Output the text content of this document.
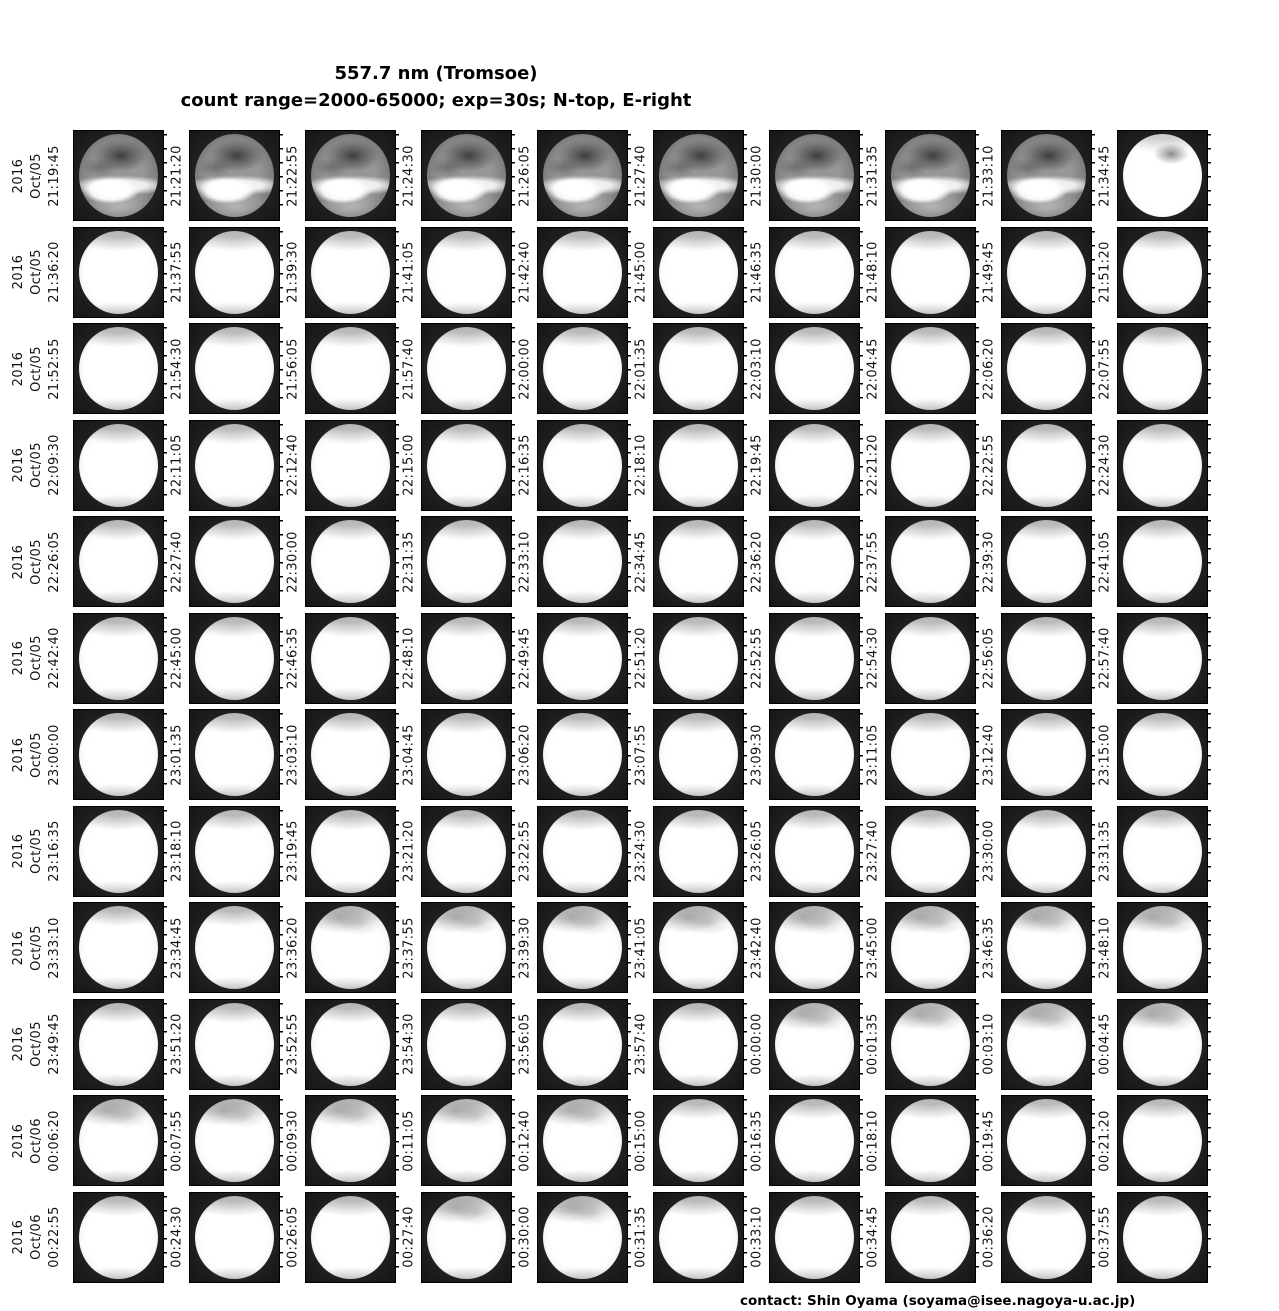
557.7 nm (Tromsoe)
count range=2000-65000; exp=30s; N-top, E-right
2016 Oct/05 21:19:45	21:21:20	21:22:55	21:24:30	21:26:05	21:27:40	21:30:00	21:31:35	21:33:10	21:34:45
2016 Oct/05 21:36:20	21:37:55	21:39:30	21:41:05	21:42:40	21:45:00	21:46:35	21:48:10	21:49:45	21:51:20
2016 Oct/05 21:52:55	21:54:30	21:56:05	21:57:40	22:00:00	22:01:35	22:03:10	22:04:45	22:06:20	22:07:55
2016 Oct/05 22:09:30	22:11:05	22:12:40	22:15:00	22:16:35	22:18:10	22:19:45	22:21:20	22:22:55	22:24:30
2016 Oct/05 22:26:05	22:27:40	22:30:00	22:31:35	22:33:10	22:34:45	22:36:20	22:37:55	22:39:30	22:41:05
2016 Oct/05 22:42:40	22:45:00	22:46:35	22:48:10	22:49:45	22:51:20	22:52:55	22:54:30	22:56:05	22:57:40
2016 Oct/05 23:00:00	23:01:35	23:03:10	23:04:45	23:06:20	23:07:55	23:09:30	23:11:05	23:12:40	23:15:00
2016 Oct/05 23:16:35	23:18:10	23:19:45	23:21:20	23:22:55	23:24:30	23:26:05	23:27:40	23:30:00	23:31:35
2016 Oct/05 23:33:10	23:34:45	23:36:20	23:37:55	23:39:30	23:41:05	23:42:40	23:45:00	23:46:35	23:48:10
2016 Oct/05 23:49:45	23:51:20	23:52:55	23:54:30	23:56:05	23:57:40	00:00:00	00:01:35	00:03:10	00:04:45
2016 Oct/06 00:06:20	00:07:55	00:09:30	00:11:05	00:12:40	00:15:00	00:16:35	00:18:10	00:19:45	00:21:20
2016 Oct/06 00:22:55	00:24:30	00:26:05	00:27:40	00:30:00	00:31:35	00:33:10	00:34:45	00:36:20	00:37:55
contact: Shin Oyama (soyama@isee.nagoya-u.ac.jp)
